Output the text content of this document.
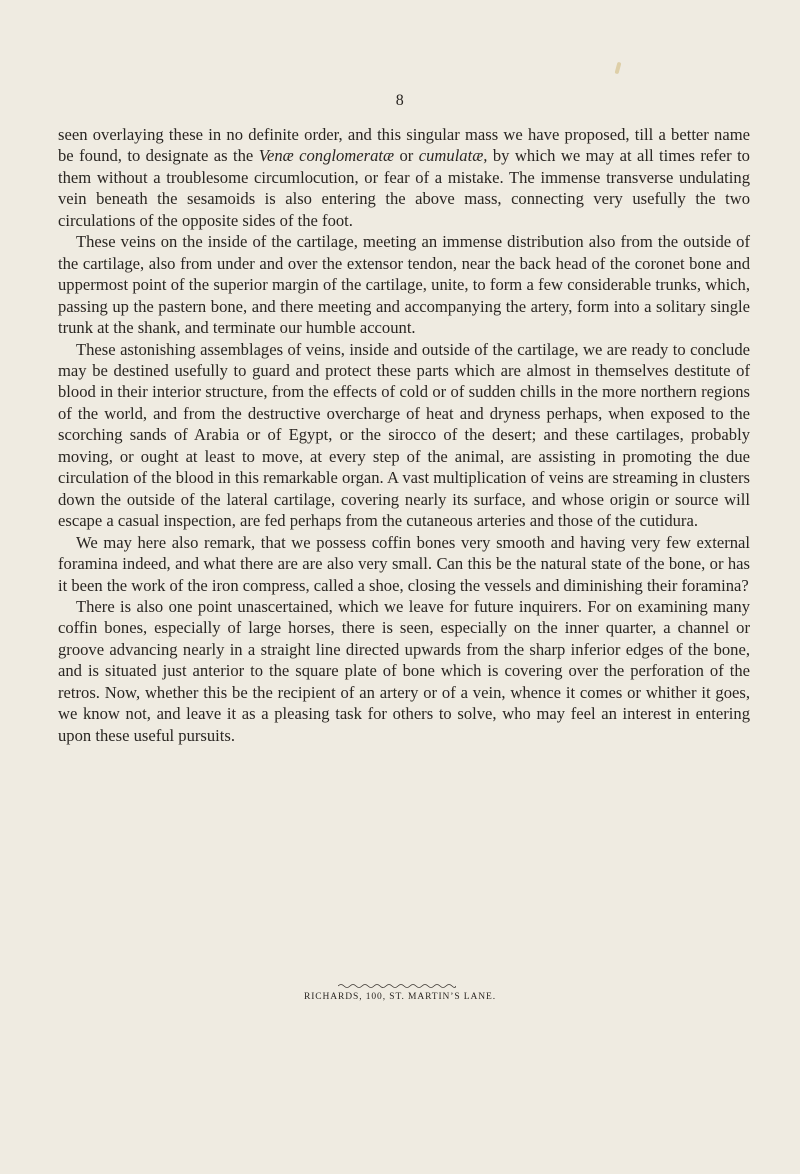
8

seen overlaying these in no definite order, and this singular mass we have proposed, till a better name be found, to designate as the Venæ conglomeratæ or cumulatæ, by which we may at all times refer to them without a troublesome circumlocution, or fear of a mistake. The immense transverse undulating vein beneath the sesamoids is also entering the above mass, connecting very usefully the two circulations of the opposite sides of the foot.

These veins on the inside of the cartilage, meeting an immense distribution also from the outside of the cartilage, also from under and over the extensor tendon, near the back head of the coronet bone and uppermost point of the superior margin of the cartilage, unite, to form a few considerable trunks, which, passing up the pastern bone, and there meeting and accompanying the artery, form into a solitary single trunk at the shank, and terminate our humble account.

These astonishing assemblages of veins, inside and outside of the cartilage, we are ready to conclude may be destined usefully to guard and protect these parts which are almost in themselves destitute of blood in their interior structure, from the effects of cold or of sudden chills in the more northern regions of the world, and from the destructive overcharge of heat and dryness perhaps, when exposed to the scorching sands of Arabia or of Egypt, or the sirocco of the desert; and these cartilages, probably moving, or ought at least to move, at every step of the animal, are assisting in promoting the due circulation of the blood in this remarkable organ. A vast multiplication of veins are streaming in clusters down the outside of the lateral cartilage, covering nearly its surface, and whose origin or source will escape a casual inspection, are fed perhaps from the cutaneous arteries and those of the cutidura.

We may here also remark, that we possess coffin bones very smooth and having very few external foramina indeed, and what there are are also very small. Can this be the natural state of the bone, or has it been the work of the iron compress, called a shoe, closing the vessels and diminishing their foramina?

There is also one point unascertained, which we leave for future inquirers. For on examining many coffin bones, especially of large horses, there is seen, especially on the inner quarter, a channel or groove advancing nearly in a straight line directed upwards from the sharp inferior edges of the bone, and is situated just anterior to the square plate of bone which is covering over the perforation of the retros. Now, whether this be the recipient of an artery or of a vein, whence it comes or whither it goes, we know not, and leave it as a pleasing task for others to solve, who may feel an interest in entering upon these useful pursuits.

RICHARDS, 100, ST. MARTIN’S LANE.
